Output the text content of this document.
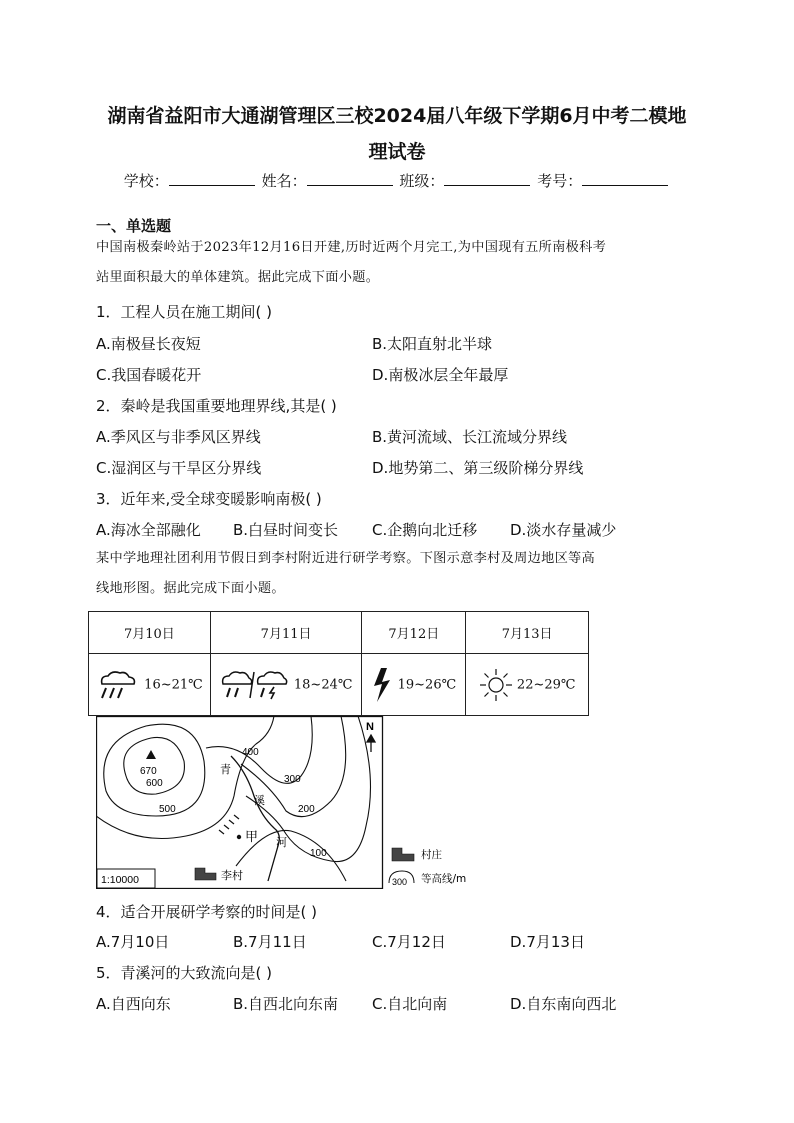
湖南省益阳市大通湖管理区三校2024届八年级下学期6月中考二模地
理试卷
学校：	姓名：	班级：	考号：
一、单选题
中国南极秦岭站于2023年12月16日开建,历时近两个月完工,为中国现有五所南极科考
站里面积最大的单体建筑。据此完成下面小题。
1．工程人员在施工期间( )
A.南极昼长夜短	B.太阳直射北半球
C.我国春暖花开	D.南极冰层全年最厚
2．秦岭是我国重要地理界线,其是( )
A.季风区与非季风区界线	B.黄河流域、长江流域分界线
C.湿润区与干旱区分界线	D.地势第二、第三级阶梯分界线
3．近年来,受全球变暖影响南极( )
A.海冰全部融化 B.白昼时间变长 C.企鹅向北迁移 D.淡水存量减少
某中学地理社团利用节假日到李村附近进行研学考察。下图示意李村及周边地区等高
线地形图。据此完成下面小题。
7月10日	7月11日	7月12日	7月13日
16~21℃	18~24℃	19~26℃	22~29℃
670
600
500
400
300
200
100
青
溪
河
甲
李村
1:10000
N
村庄
300 等高线/m
4．适合开展研学考察的时间是( )
A.7月10日	B.7月11日	C.7月12日	D.7月13日
5．青溪河的大致流向是( )
A.自西向东	B.自西北向东南 C.自北向南	D.自东南向西北
